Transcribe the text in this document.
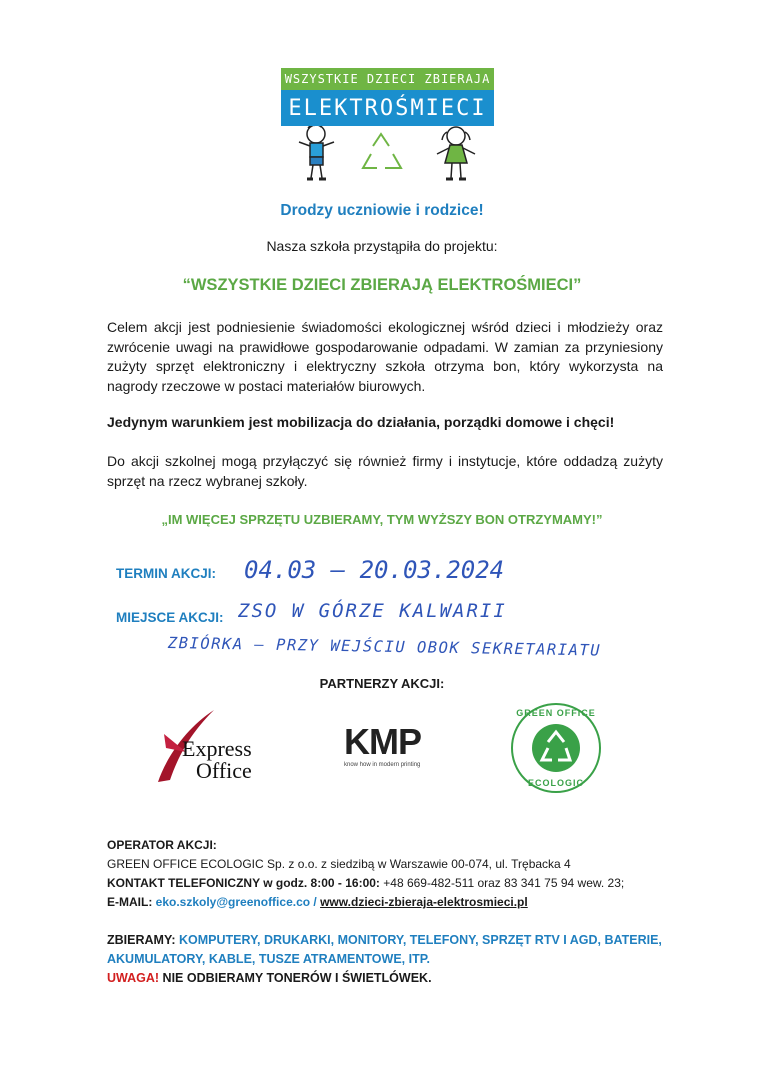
WSZYSTKIE DZIECI ZBIERAJA
ELEKTROŚMIECI
Drodzy uczniowie i rodzice!
Nasza szkoła przystąpiła do projektu:
“WSZYSTKIE DZIECI ZBIERAJĄ ELEKTROŚMIECI”
Celem akcji jest podniesienie świadomości ekologicznej wśród dzieci i młodzieży oraz zwrócenie uwagi na prawidłowe gospodarowanie odpadami. W zamian za przyniesiony zużyty sprzęt elektroniczny i elektryczny szkoła otrzyma bon, który wykorzysta na nagrody rzeczowe w postaci materiałów biurowych.
Jedynym warunkiem jest mobilizacja do działania, porządki domowe i chęci!
Do akcji szkolnej mogą przyłączyć się również firmy i instytucje, które oddadzą zużyty sprzęt na rzecz wybranej szkoły.
„IM WIĘCEJ SPRZĘTU UZBIERAMY, TYM WYŻSZY BON OTRZYMAMY!”
TERMIN AKCJI: 04.03 – 20.03.2024
MIEJSCE AKCJI: ZSO W GÓRZE KALWARII
ZBIÓRKA – PRZY WEJŚCIU OBOK SEKRETARIATU
PARTNERZY AKCJI:
Express
Office
KMP
know how in modern printing
GREEN OFFICE
ECOLOGIC
OPERATOR AKCJI:
GREEN OFFICE ECOLOGIC Sp. z o.o. z siedzibą w Warszawie 00-074, ul. Trębacka 4
KONTAKT TELEFONICZNY w godz. 8:00 - 16:00: +48 669-482-511 oraz 83 341 75 94 wew. 23;
E-MAIL: eko.szkoly@greenoffice.co / www.dzieci-zbieraja-elektrosmieci.pl
ZBIERAMY: KOMPUTERY, DRUKARKI, MONITORY, TELEFONY, SPRZĘT RTV I AGD, BATERIE,
AKUMULATORY, KABLE, TUSZE ATRAMENTOWE, ITP.
UWAGA! NIE ODBIERAMY TONERÓW I ŚWIETLÓWEK.
